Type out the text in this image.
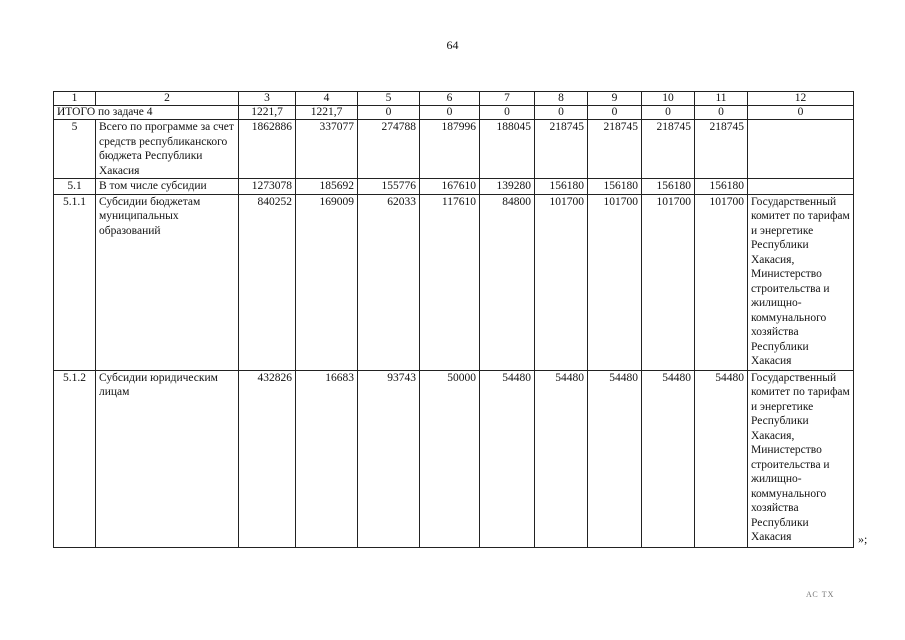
64
1	2	3	4	5	6	7	8	9	10	11	12
ИТОГО по задаче 4		1221,7	1221,7	0	0	0	0	0	0	0	0
5	Всего по программе за счет средств республиканского бюджета Республики Хакасия	1862886	337077	274788	187996	188045	218745	218745	218745	218745	
5.1	В том числе субсидии	1273078	185692	155776	167610	139280	156180	156180	156180	156180	
5.1.1	Субсидии бюджетам муниципальных образований	840252	169009	62033	117610	84800	101700	101700	101700	101700	Государственный комитет по тарифам и энергетике Республики Хакасия, Министерство строительства и жилищно-коммунального хозяйства Республики Хакасия
5.1.2	Субсидии юридическим лицам	432826	16683	93743	50000	54480	54480	54480	54480	54480	Государственный комитет по тарифам и энергетике Республики Хакасия, Министерство строительства и жилищно-коммунального хозяйства Республики Хакасия	»;
АС ТХ
